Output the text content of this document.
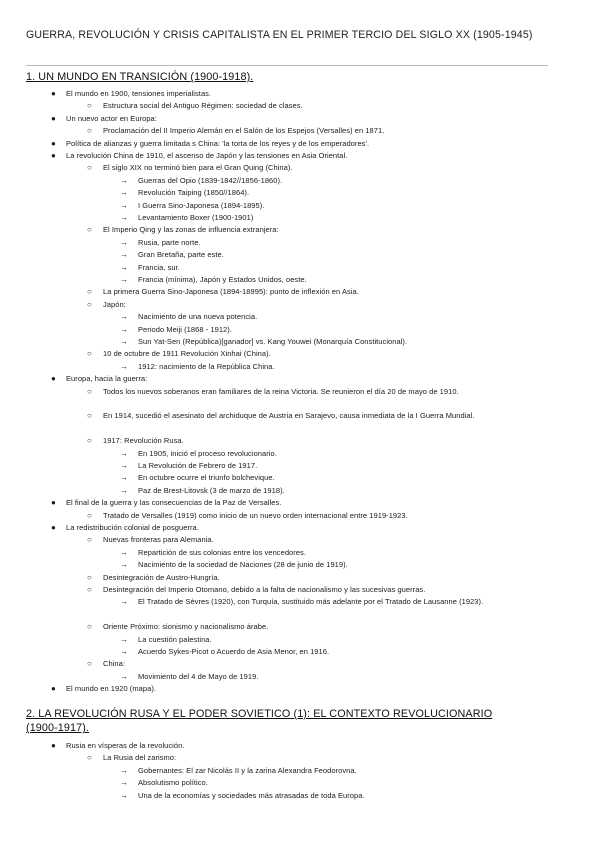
GUERRA, REVOLUCIÓN Y CRISIS CAPITALISTA EN EL PRIMER TERCIO DEL SIGLO XX (1905-1945)
1. UN MUNDO EN TRANSICIÓN (1900-1918).
2. LA REVOLUCIÓN RUSA Y EL PODER SOVIETICO (1): EL CONTEXTO REVOLUCIONARIO (1900-1917).
● El mundo en 1900, tensiones imperialistas.
○ Estructura social del Antiguo Régimen: sociedad de clases.
● Un nuevo actor en Europa:
○ Proclamación del II Imperio Alemán en el Salón de los Espejos (Versalles) en 1871.
● Política de alianzas y guerra limitada s China: 'la torta de los reyes y de los emperadores'.
● La revolución China de 1910, el ascenso de Japón y las tensiones en Asia Oriental.
○ El siglo XIX no terminó bien para el Gran Quing (China).
→ Guerras del Opio (1839-1842//1856-1860).
→ Revolución Taiping (1850//1864).
→ I Guerra Sino-Japonesa (1894-1895).
→ Levantamiento Boxer (1900-1901)
○ El Imperio Qing y las zonas de influencia extranjera:
→ Rusia, parte norte.
→ Gran Bretaña, parte este.
→ Francia, sur.
→ Francia (mínima), Japón y Estados Unidos, oeste.
○ La primera Guerra Sino-Japonesa (1894-18995): punto de inflexión en Asia.
○ Japón:
→ Nacimiento de una nueva potencia.
→ Periodo Meiji (1868 - 1912).
→ Sun Yat-Sen (República)[ganador] vs. Kang Youwei (Monarquía Constitucional).
○ 10 de octubre de 1911 Revolución Xinhai (China).
→ 1912: nacimiento de la República China.
● Europa, hacia la guerra:
○ Todos los nuevos soberanos eran familiares de la reina Victoria. Se reunieron el día 20 de mayo de 1910.
○ En 1914, sucedió el asesinato del archiduque de Austria en Sarajevo, causa inmediata de la I Guerra Mundial.
○ 1917: Revolución Rusa.
→ En 1905, inició el proceso revolucionario.
→ La Revolución de Febrero de 1917.
→ En octubre ocurre el triunfo bolchevique.
→ Paz de Brest-Litovsk (3 de marzo de 1918).
● El final de la guerra y las consecuencias de la Paz de Versalles.
○ Tratado de Versalles (1919) como inicio de un nuevo orden internacional entre 1919-1923.
● La redistribución colonial de posguerra.
○ Nuevas fronteras para Alemania.
→ Repartición de sus colonias entre los vencedores.
→ Nacimiento de la sociedad de Naciones (28 de junio de 1919).
○ Desintegración de Austro-Hungría.
○ Desintegración del Imperio Otomano, debido a la falta de nacionalismo y las sucesivas guerras.
→ El Tratado de Sèvres (1920), con Turquía, sustituido más adelante por el Tratado de Lausanne (1923).
○ Oriente Próximo: sionismo y nacionalismo árabe.
→ La cuestión palestina.
→ Acuerdo Sykes-Picot o Acuerdo de Asia Menor, en 1916.
○ China:
→ Movimiento del 4 de Mayo de 1919.
● El mundo en 1920 (mapa).
● Rusia en vísperas de la revolución.
○ La Rusia del zarismo:
→ Gobernantes: El zar Nicolás II y la zarina Alexandra Feodorovna.
→ Absolutismo político.
→ Una de la economías y sociedades más atrasadas de toda Europa.
